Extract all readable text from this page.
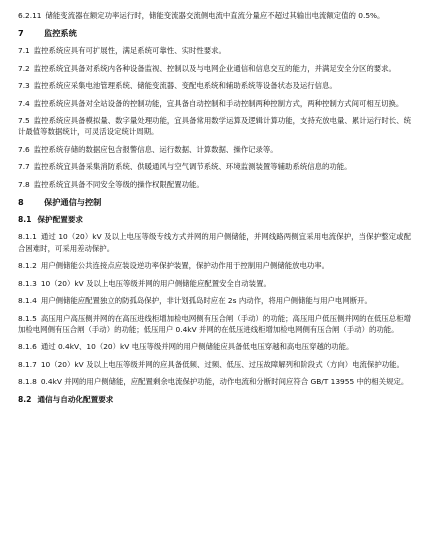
6.2.11 储能变流器在额定功率运行时，储能变流器交流侧电流中直流分量应不超过其输出电流额定值的 0.5%。

7 监控系统

7.1 监控系统应具有可扩展性，满足系统可靠性、实时性要求。

7.2 监控系统宜具备对系统内各种设备监视、控制以及与电网企业通信和信息交互的能力，并满足安全分区的要求。

7.3 监控系统应采集电池管理系统、储能变流器、变配电系统和辅助系统等设备状态及运行信息。

7.4 监控系统应具备对全站设备的控制功能，宜具备自动控制和手动控制两种控制方式，两种控制方式间可相互切换。

7.5 监控系统应具备模拟量、数字量处理功能，宜具备常用数学运算及逻辑计算功能，支持充放电量、累计运行时长、统计最值等数据统计，可灵活设定统计周期。

7.6 监控系统存储的数据应包含报警信息、运行数据、计算数据、操作记录等。

7.7 监控系统宜具备采集消防系统、供暖通风与空气调节系统、环境监测装置等辅助系统信息的功能。

7.8 监控系统宜具备不同安全等级的操作权限配置功能。

8 保护通信与控制

8.1 保护配置要求

8.1.1 通过 10（20）kV 及以上电压等级专线方式并网的用户侧储能，并网线路两侧宜采用电流保护，当保护整定或配合困难时，可采用差动保护。

8.1.2 用户侧储能公共连接点应装设逆功率保护装置，保护动作用于控制用户侧储能放电功率。

8.1.3 10（20）kV 及以上电压等级并网的用户侧储能应配置安全自动装置。

8.1.4 用户侧储能应配置独立的防孤岛保护，非计划孤岛时应在 2s 内动作，将用户侧储能与用户电网断开。

8.1.5 高压用户高压侧并网的在高压进线柜增加检电网侧有压合闸（手动）的功能；高压用户低压侧并网的在低压总柜增加检电网侧有压合闸（手动）的功能；低压用户 0.4kV 并网的在低压进线柜增加检电网侧有压合闸（手动）的功能。

8.1.6 通过 0.4kV、10（20）kV 电压等级并网的用户侧储能应具备低电压穿越和高电压穿越的功能。

8.1.7 10（20）kV 及以上电压等级并网的应具备低频、过频、低压、过压故障解列和阶段式（方向）电流保护功能。

8.1.8 0.4kV 并网的用户侧储能，应配置剩余电流保护功能，动作电流和分断时间应符合 GB/T 13955 中的相关规定。

8.2 通信与自动化配置要求
